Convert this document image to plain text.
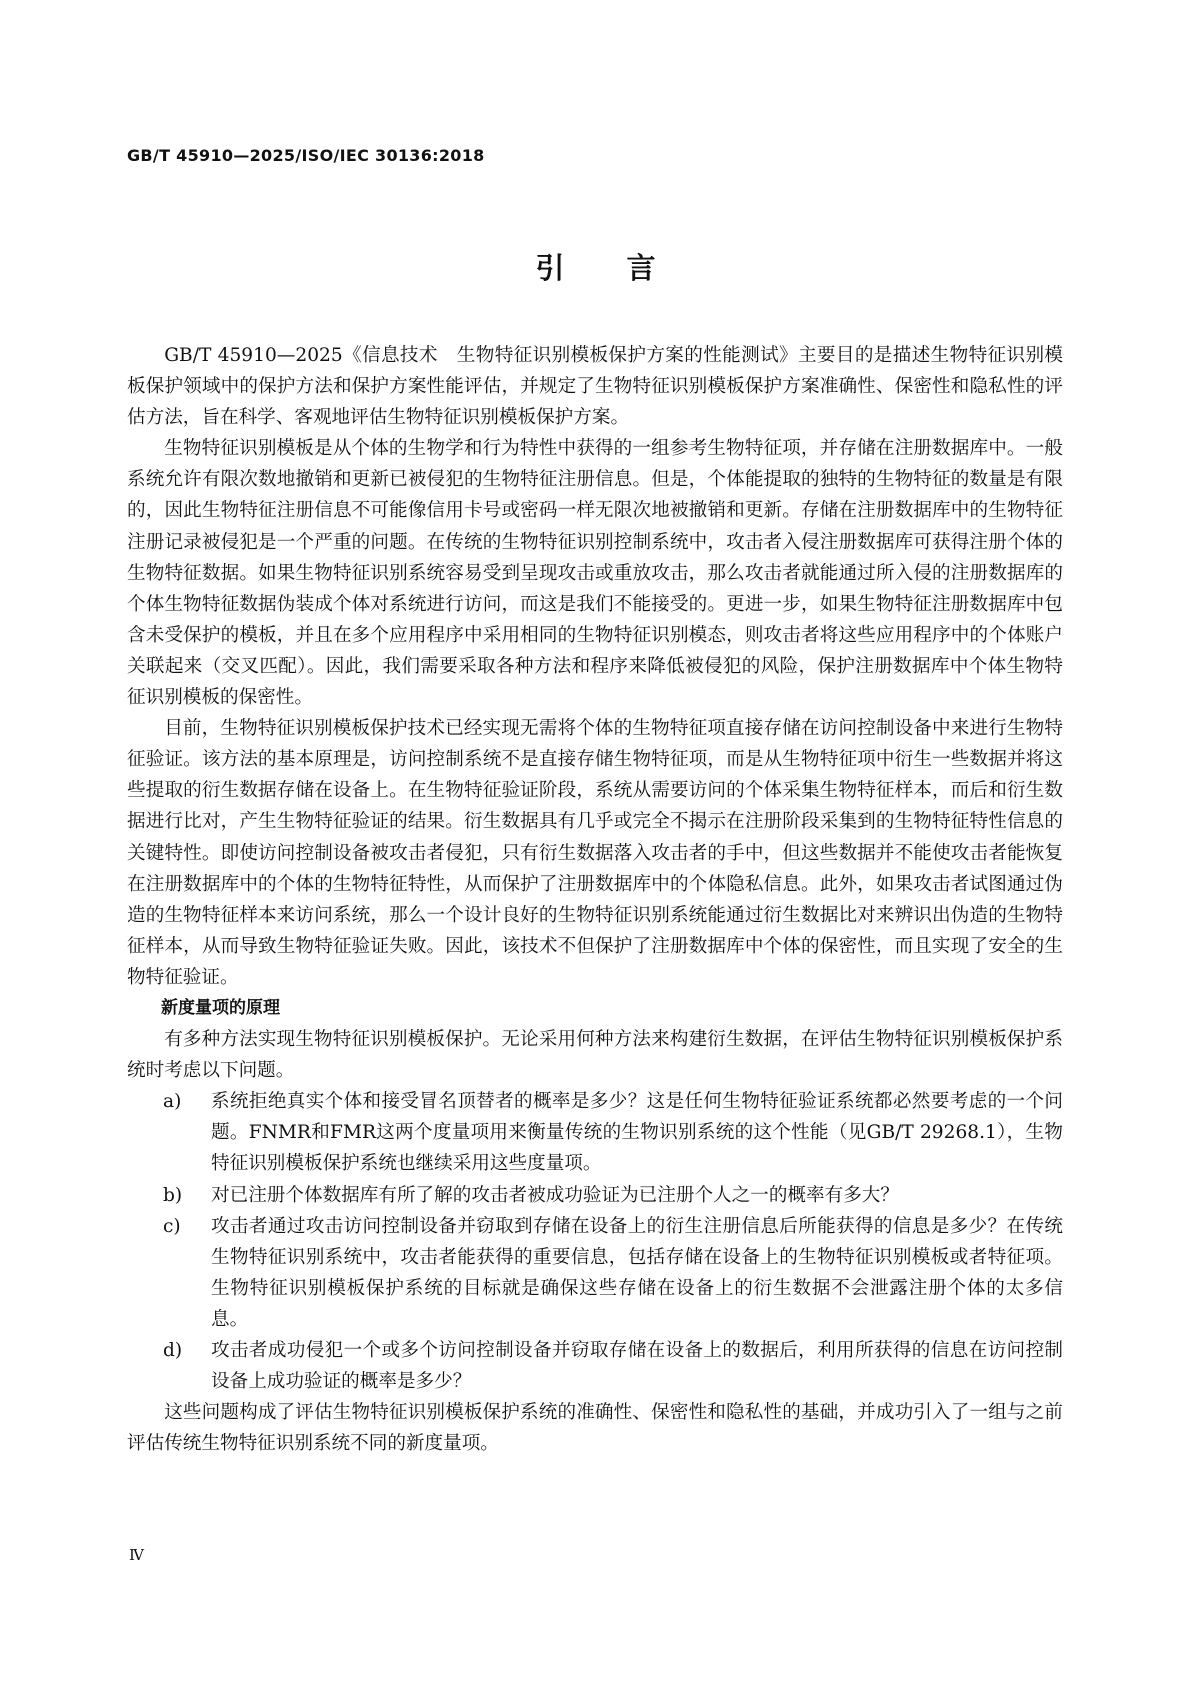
GB/T 45910—2025/ISO/IEC 30136:2018
引言

GB/T 45910—2025《信息技术　生物特征识别模板保护方案的性能测试》主要目的是描述生物特征识别模板保护领域中的保护方法和保护方案性能评估，并规定了生物特征识别模板保护方案准确性、保密性和隐私性的评估方法，旨在科学、客观地评估生物特征识别模板保护方案。

生物特征识别模板是从个体的生物学和行为特性中获得的一组参考生物特征项，并存储在注册数据库中。一般系统允许有限次数地撤销和更新已被侵犯的生物特征注册信息。但是，个体能提取的独特的生物特征的数量是有限的，因此生物特征注册信息不可能像信用卡号或密码一样无限次地被撤销和更新。存储在注册数据库中的生物特征注册记录被侵犯是一个严重的问题。在传统的生物特征识别控制系统中，攻击者入侵注册数据库可获得注册个体的生物特征数据。如果生物特征识别系统容易受到呈现攻击或重放攻击，那么攻击者就能通过所入侵的注册数据库的个体生物特征数据伪装成个体对系统进行访问，而这是我们不能接受的。更进一步，如果生物特征注册数据库中包含未受保护的模板，并且在多个应用程序中采用相同的生物特征识别模态，则攻击者将这些应用程序中的个体账户关联起来（交叉匹配）。因此，我们需要采取各种方法和程序来降低被侵犯的风险，保护注册数据库中个体生物特征识别模板的保密性。

目前，生物特征识别模板保护技术已经实现无需将个体的生物特征项直接存储在访问控制设备中来进行生物特征验证。该方法的基本原理是，访问控制系统不是直接存储生物特征项，而是从生物特征项中衍生一些数据并将这些提取的衍生数据存储在设备上。在生物特征验证阶段，系统从需要访问的个体采集生物特征样本，而后和衍生数据进行比对，产生生物特征验证的结果。衍生数据具有几乎或完全不揭示在注册阶段采集到的生物特征特性信息的关键特性。即使访问控制设备被攻击者侵犯，只有衍生数据落入攻击者的手中，但这些数据并不能使攻击者能恢复在注册数据库中的个体的生物特征特性，从而保护了注册数据库中的个体隐私信息。此外，如果攻击者试图通过伪造的生物特征样本来访问系统，那么一个设计良好的生物特征识别系统能通过衍生数据比对来辨识出伪造的生物特征样本，从而导致生物特征验证失败。因此，该技术不但保护了注册数据库中个体的保密性，而且实现了安全的生物特征验证。

新度量项的原理

有多种方法实现生物特征识别模板保护。无论采用何种方法来构建衍生数据，在评估生物特征识别模板保护系统时考虑以下问题。

a) 系统拒绝真实个体和接受冒名顶替者的概率是多少？这是任何生物特征验证系统都必然要考虑的一个问题。FNMR和FMR这两个度量项用来衡量传统的生物识别系统的这个性能（见GB/T 29268.1），生物特征识别模板保护系统也继续采用这些度量项。
b) 对已注册个体数据库有所了解的攻击者被成功验证为已注册个人之一的概率有多大？
c) 攻击者通过攻击访问控制设备并窃取到存储在设备上的衍生注册信息后所能获得的信息是多少？在传统生物特征识别系统中，攻击者能获得的重要信息，包括存储在设备上的生物特征识别模板或者特征项。生物特征识别模板保护系统的目标就是确保这些存储在设备上的衍生数据不会泄露注册个体的太多信息。
d) 攻击者成功侵犯一个或多个访问控制设备并窃取存储在设备上的数据后，利用所获得的信息在访问控制设备上成功验证的概率是多少？

这些问题构成了评估生物特征识别模板保护系统的准确性、保密性和隐私性的基础，并成功引入了一组与之前评估传统生物特征识别系统不同的新度量项。

Ⅳ
